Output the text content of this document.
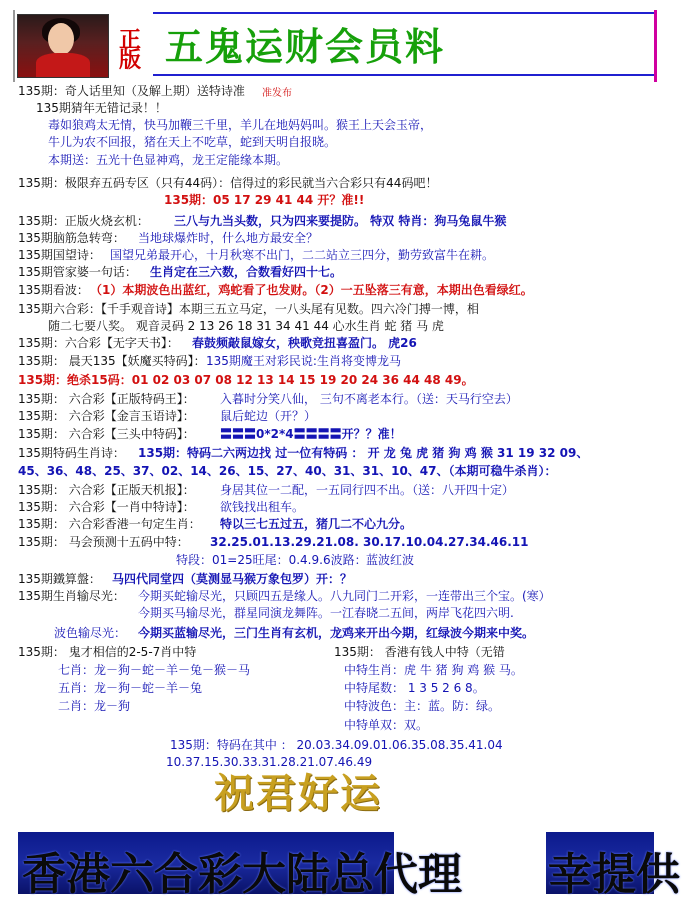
正
版 五鬼运财会员料
135期：奇人话里知（及解上期）送特诗准 准发布
135期猜年无错记录！！
毒如狼鸡太无情，快马加鞭三千里，羊儿在地妈妈叫。猴王上天会玉帝，
牛儿为农不回报，猪在天上不吃草，蛇到天明自报晓。
本期送：五光十色显神鸡，龙王定能缘本期。
135期：极限弃五码专区（只有44码）：信得过的彩民就当六合彩只有44码吧！
135期：05 17 29 41 44 开？准!!
135期：正版火烧玄机： 三八与九当头数，只为四来要提防。 特双 特肖：狗马兔鼠牛猴
135期脑筋急转弯： 当地球爆炸时，什么地方最安全？
135期国望诗： 国望兄弟最开心，十月秋寒不出门，二二站立三四分，勤劳致富牛在耕。
135期管家婆一句话： 生肖定在三六数，合数看好四十七。
135期看波： （1）本期波色出蓝红，鸡蛇看了也发财。（2）一五坠落三有意，本期出色看绿红。
135期六合彩：【千手观音诗】本期三五立马定，一八头尾有见数。四六冷门搏一博，相
随二七要八奖。 观音灵码 2 13 26 18 31 34 41 44 心水生肖 蛇 猪 马 虎
135期：六合彩【无字天书】： 春鼓频敲鼠嫁女，秧歌竞扭喜盈门。 虎26
135期： 晨天135【妖魔买特码】： 135期魔王对彩民说:生肖将变博龙马
135期：绝杀15码：01 02 03 07 08 12 13 14 15 19 20 24 36 44 48 49。
135期： 六合彩【正版特码王】： 入暮时分笑八仙， 三句不离老本行。（送：天马行空去）
135期： 六合彩【金言玉语诗】： 鼠后蛇边（开？）
135期： 六合彩【三头中特码】： 〓〓〓0*2*4〓〓〓〓开？？准！
135期特码生肖诗： 135期：特码二六两边找 过一位有特码 ： 开 龙 兔 虎 猪 狗 鸡 猴 31 19 32 09、
45、36、48、25、37、02、14、26、15、27、40、31、31、10、47、（本期可稳牛杀肖）：
135期： 六合彩【正版天机报】： 身居其位一二配，一五同行四不出。（送：八开四十定）
135期： 六合彩【一肖中特诗】： 欲钱找出租车。
135期： 六合彩香港一句定生肖： 特以三七五过五，猪几二不心九分。
135期： 马会预测十五码中特： 32.25.01.13.29.21.08. 30.17.10.04.27.34.46.11
特段：01=25旺尾：0.4.9.6波路： 蓝波红波
135期鐵算盤： 马四代同堂四（莫测显马猴万象包罗）开：？
135期生肖输尽光： 今期买蛇输尽光，只顾四五是缘人。八九同门二开彩，一连带出三个宝。(寒）
今期买马输尽光，群星同演龙舞阵。一江春晓二五间，两岸飞花四六明.
波色输尽光： 今期买蓝输尽光，三门生肖有玄机，龙鸡来开出今期，红绿波今期来中奖。
135期： 鬼才相信的2-5-7肖中特	135期： 香港有钱人中特（无错
七肖：龙－狗－蛇－羊－兔－猴－马	中特生肖：虎 牛 猪 狗 鸡 猴 马。
五肖：龙－狗－蛇－羊－兔	中特尾数： 1 3 5 2 6 8。
二肖：龙－狗	中特波色：主：蓝。防：绿。
中特单双：双。
135期：特码在其中 ： 20.03.34.09.01.06.35.08.35.41.04
10.37.15.30.33.31.28.21.07.46.49
祝君好运
香港六合彩大陆总代理 幸提供
